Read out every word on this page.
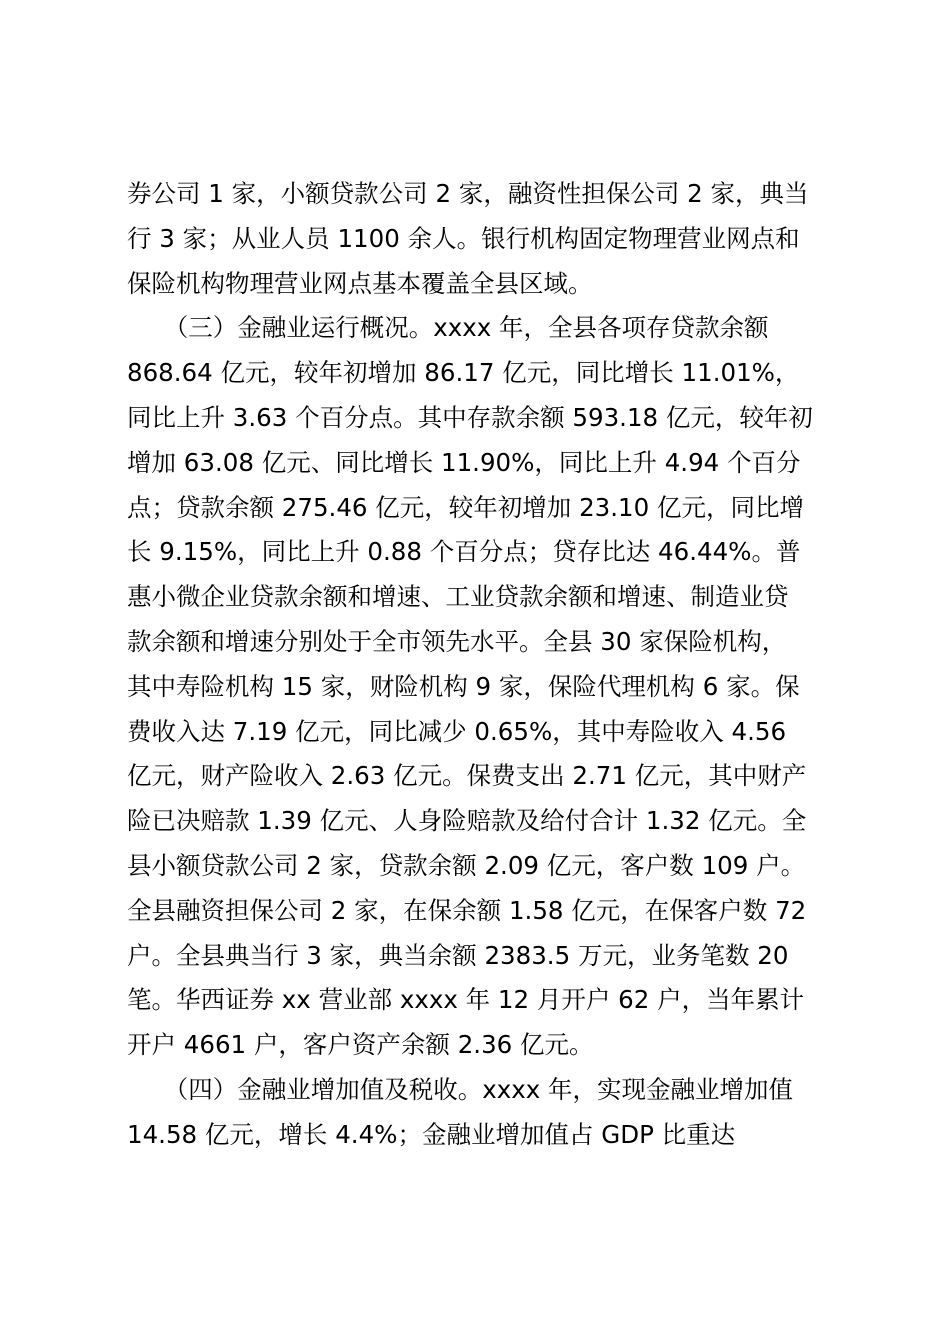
券公司 1 家，小额贷款公司 2 家，融资性担保公司 2 家，典当
行 3 家；从业人员 1100 余人。银行机构固定物理营业网点和
保险机构物理营业网点基本覆盖全县区域。
　　（三）金融业运行概况。xxxx 年，全县各项存贷款余额
868.64 亿元，较年初增加 86.17 亿元，同比增长 11.01%，
同比上升 3.63 个百分点。其中存款余额 593.18 亿元，较年初
增加 63.08 亿元、同比增长 11.90%，同比上升 4.94 个百分
点；贷款余额 275.46 亿元，较年初增加 23.10 亿元，同比增
长 9.15%，同比上升 0.88 个百分点；贷存比达 46.44%。普
惠小微企业贷款余额和增速、工业贷款余额和增速、制造业贷
款余额和增速分别处于全市领先水平。全县 30 家保险机构，
其中寿险机构 15 家，财险机构 9 家，保险代理机构 6 家。保
费收入达 7.19 亿元，同比减少 0.65%，其中寿险收入 4.56
亿元，财产险收入 2.63 亿元。保费支出 2.71 亿元，其中财产
险已决赔款 1.39 亿元、人身险赔款及给付合计 1.32 亿元。全
县小额贷款公司 2 家，贷款余额 2.09 亿元，客户数 109 户。
全县融资担保公司 2 家，在保余额 1.58 亿元，在保客户数 72
户。全县典当行 3 家，典当余额 2383.5 万元，业务笔数 20
笔。华西证券 xx 营业部 xxxx 年 12 月开户 62 户，当年累计
开户 4661 户，客户资产余额 2.36 亿元。
　　（四）金融业增加值及税收。xxxx 年，实现金融业增加值
14.58 亿元，增长 4.4%；金融业增加值占 GDP 比重达
